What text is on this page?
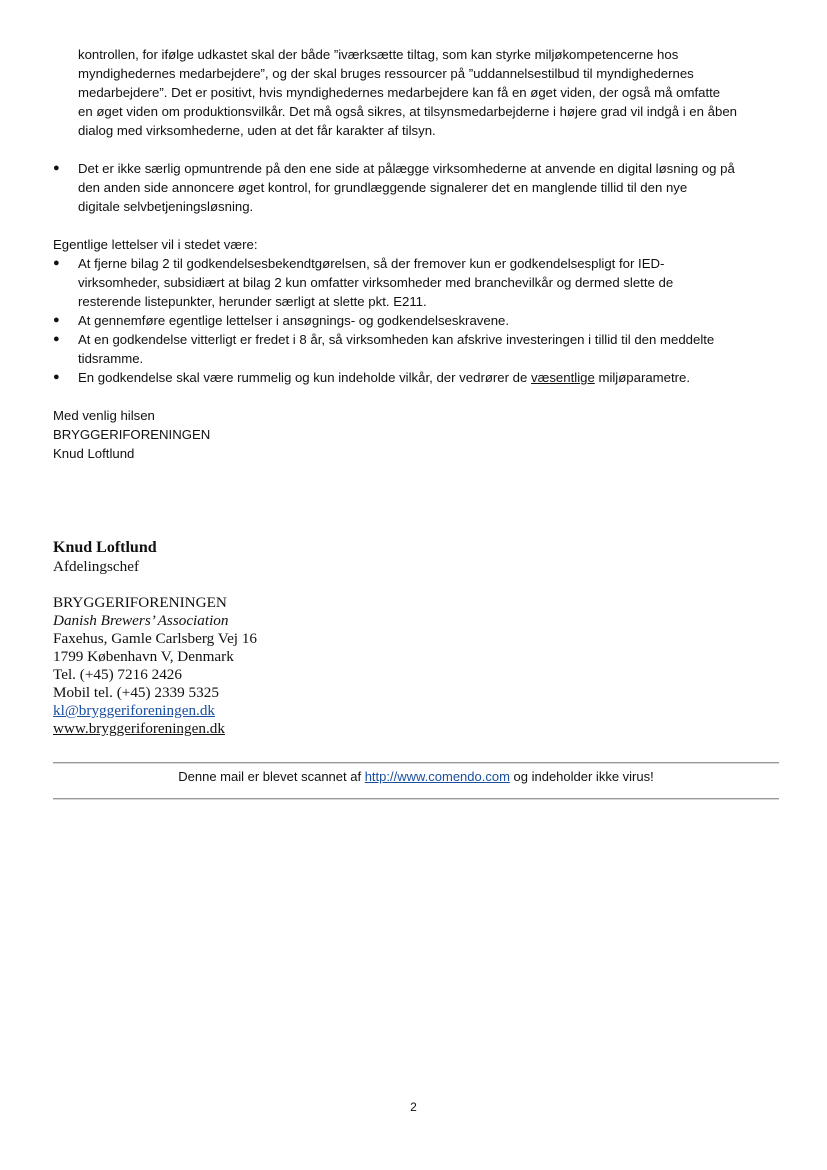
kontrollen, for ifølge udkastet skal der både ”iværksætte tiltag, som kan styrke miljøkompetencerne hos

myndighedernes medarbejdere”, og der skal bruges ressourcer på ”uddannelsestilbud til myndighedernes

medarbejdere”. Det er positivt, hvis myndighedernes medarbejdere kan få en øget viden, der også må omfatte

en øget viden om produktionsvilkår. Det må også sikres, at tilsynsmedarbejderne i højere grad vil indgå i en åben

dialog med virksomhederne, uden at det får karakter af tilsyn.

●	Det er ikke særlig opmuntrende på den ene side at pålægge virksomhederne at anvende en digital løsning og på

den anden side annoncere øget kontrol, for grundlæggende signalerer det en manglende tillid til den nye

digitale selvbetjeningsløsning.

Egentlige lettelser vil i stedet være:

●	At fjerne bilag 2 til godkendelsesbekendtgørelsen, så der fremover kun er godkendelsespligt for IED-

virksomheder, subsidiært at bilag 2 kun omfatter virksomheder med branchevilkår og dermed slette de

resterende listepunkter, herunder særligt at slette pkt. E211.

●	At gennemføre egentlige lettelser i ansøgnings- og godkendelseskravene.

●	At en godkendelse vitterligt er fredet i 8 år, så virksomheden kan afskrive investeringen i tillid til den meddelte

tidsramme.

●	En godkendelse skal være rummelig og kun indeholde vilkår, der vedrører de væsentlige miljøparametre.

Med venlig hilsen

BRYGGERIFORENINGEN

Knud Loftlund

Knud Loftlund

Afdelingschef

BRYGGERIFORENINGEN

Danish Brewers’ Association

Faxehus, Gamle Carlsberg Vej 16

1799 København V, Denmark

Tel. (+45) 7216 2426

Mobil tel. (+45) 2339 5325

kl@bryggeriforeningen.dk

www.bryggeriforeningen.dk

Denne mail er blevet scannet af http://www.comendo.com og indeholder ikke virus!
2
